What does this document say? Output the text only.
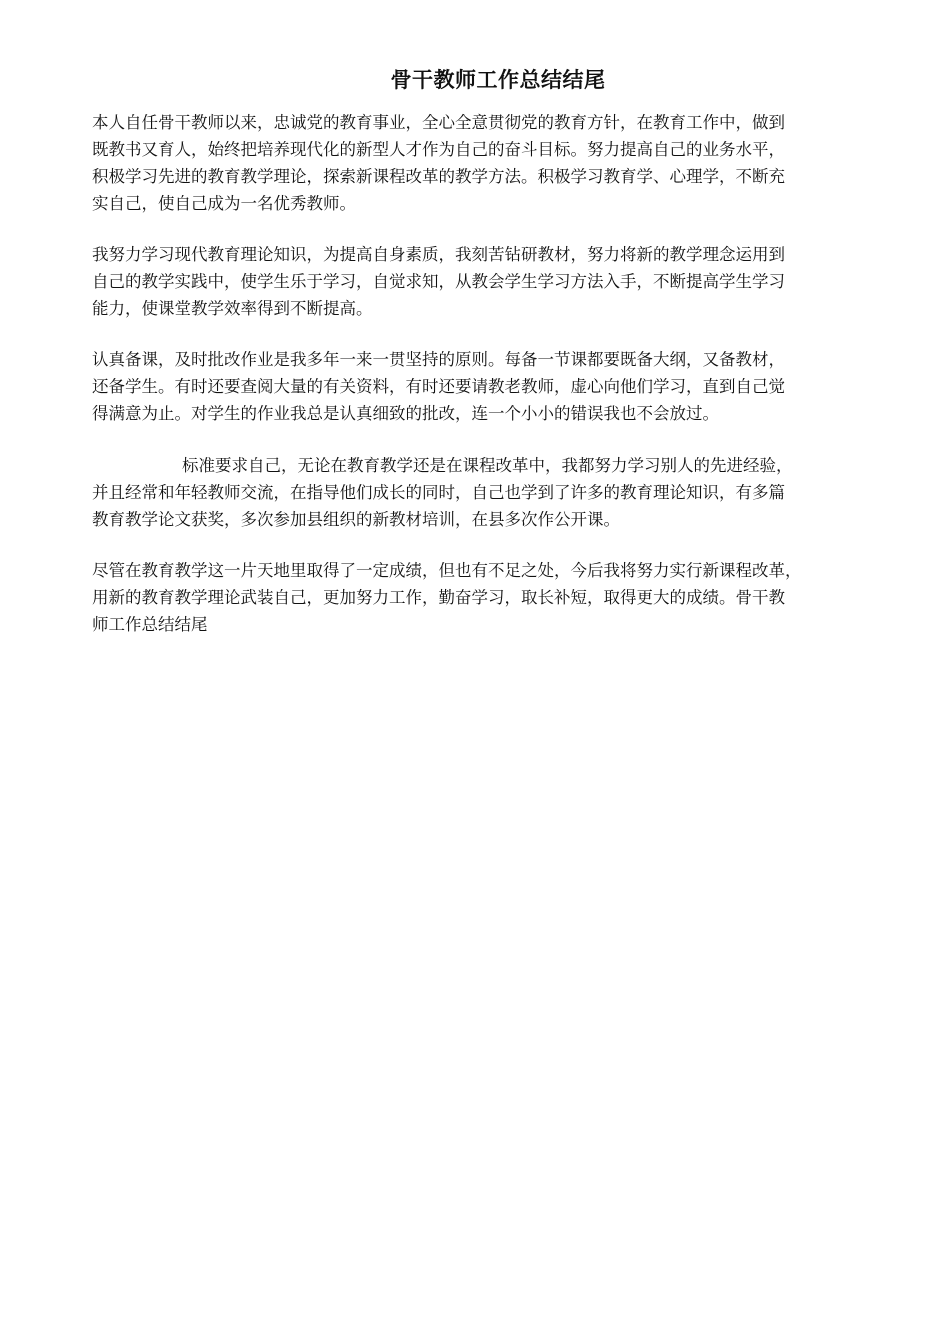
骨干教师工作总结结尾
本人自任骨干教师以来，忠诚党的教育事业，全心全意贯彻党的教育方针，在教育工作中，做到
既教书又育人，始终把培养现代化的新型人才作为自己的奋斗目标。努力提高自己的业务水平，
积极学习先进的教育教学理论，探索新课程改革的教学方法。积极学习教育学、心理学，不断充
实自己，使自己成为一名优秀教师。
我努力学习现代教育理论知识，为提高自身素质，我刻苦钻研教材，努力将新的教学理念运用到
自己的教学实践中，使学生乐于学习，自觉求知，从教会学生学习方法入手，不断提高学生学习
能力，使课堂教学效率得到不断提高。
认真备课，及时批改作业是我多年一来一贯坚持的原则。每备一节课都要既备大纲，又备教材，
还备学生。有时还要查阅大量的有关资料，有时还要请教老教师，虚心向他们学习，直到自己觉
得满意为止。对学生的作业我总是认真细致的批改，连一个小小的错误我也不会放过。
标准要求自己，无论在教育教学还是在课程改革中，我都努力学习别人的先进经验，
并且经常和年轻教师交流，在指导他们成长的同时，自己也学到了许多的教育理论知识，有多篇
教育教学论文获奖，多次参加县组织的新教材培训，在县多次作公开课。
尽管在教育教学这一片天地里取得了一定成绩，但也有不足之处，今后我将努力实行新课程改革，
用新的教育教学理论武装自己，更加努力工作，勤奋学习，取长补短，取得更大的成绩。骨干教
师工作总结结尾
